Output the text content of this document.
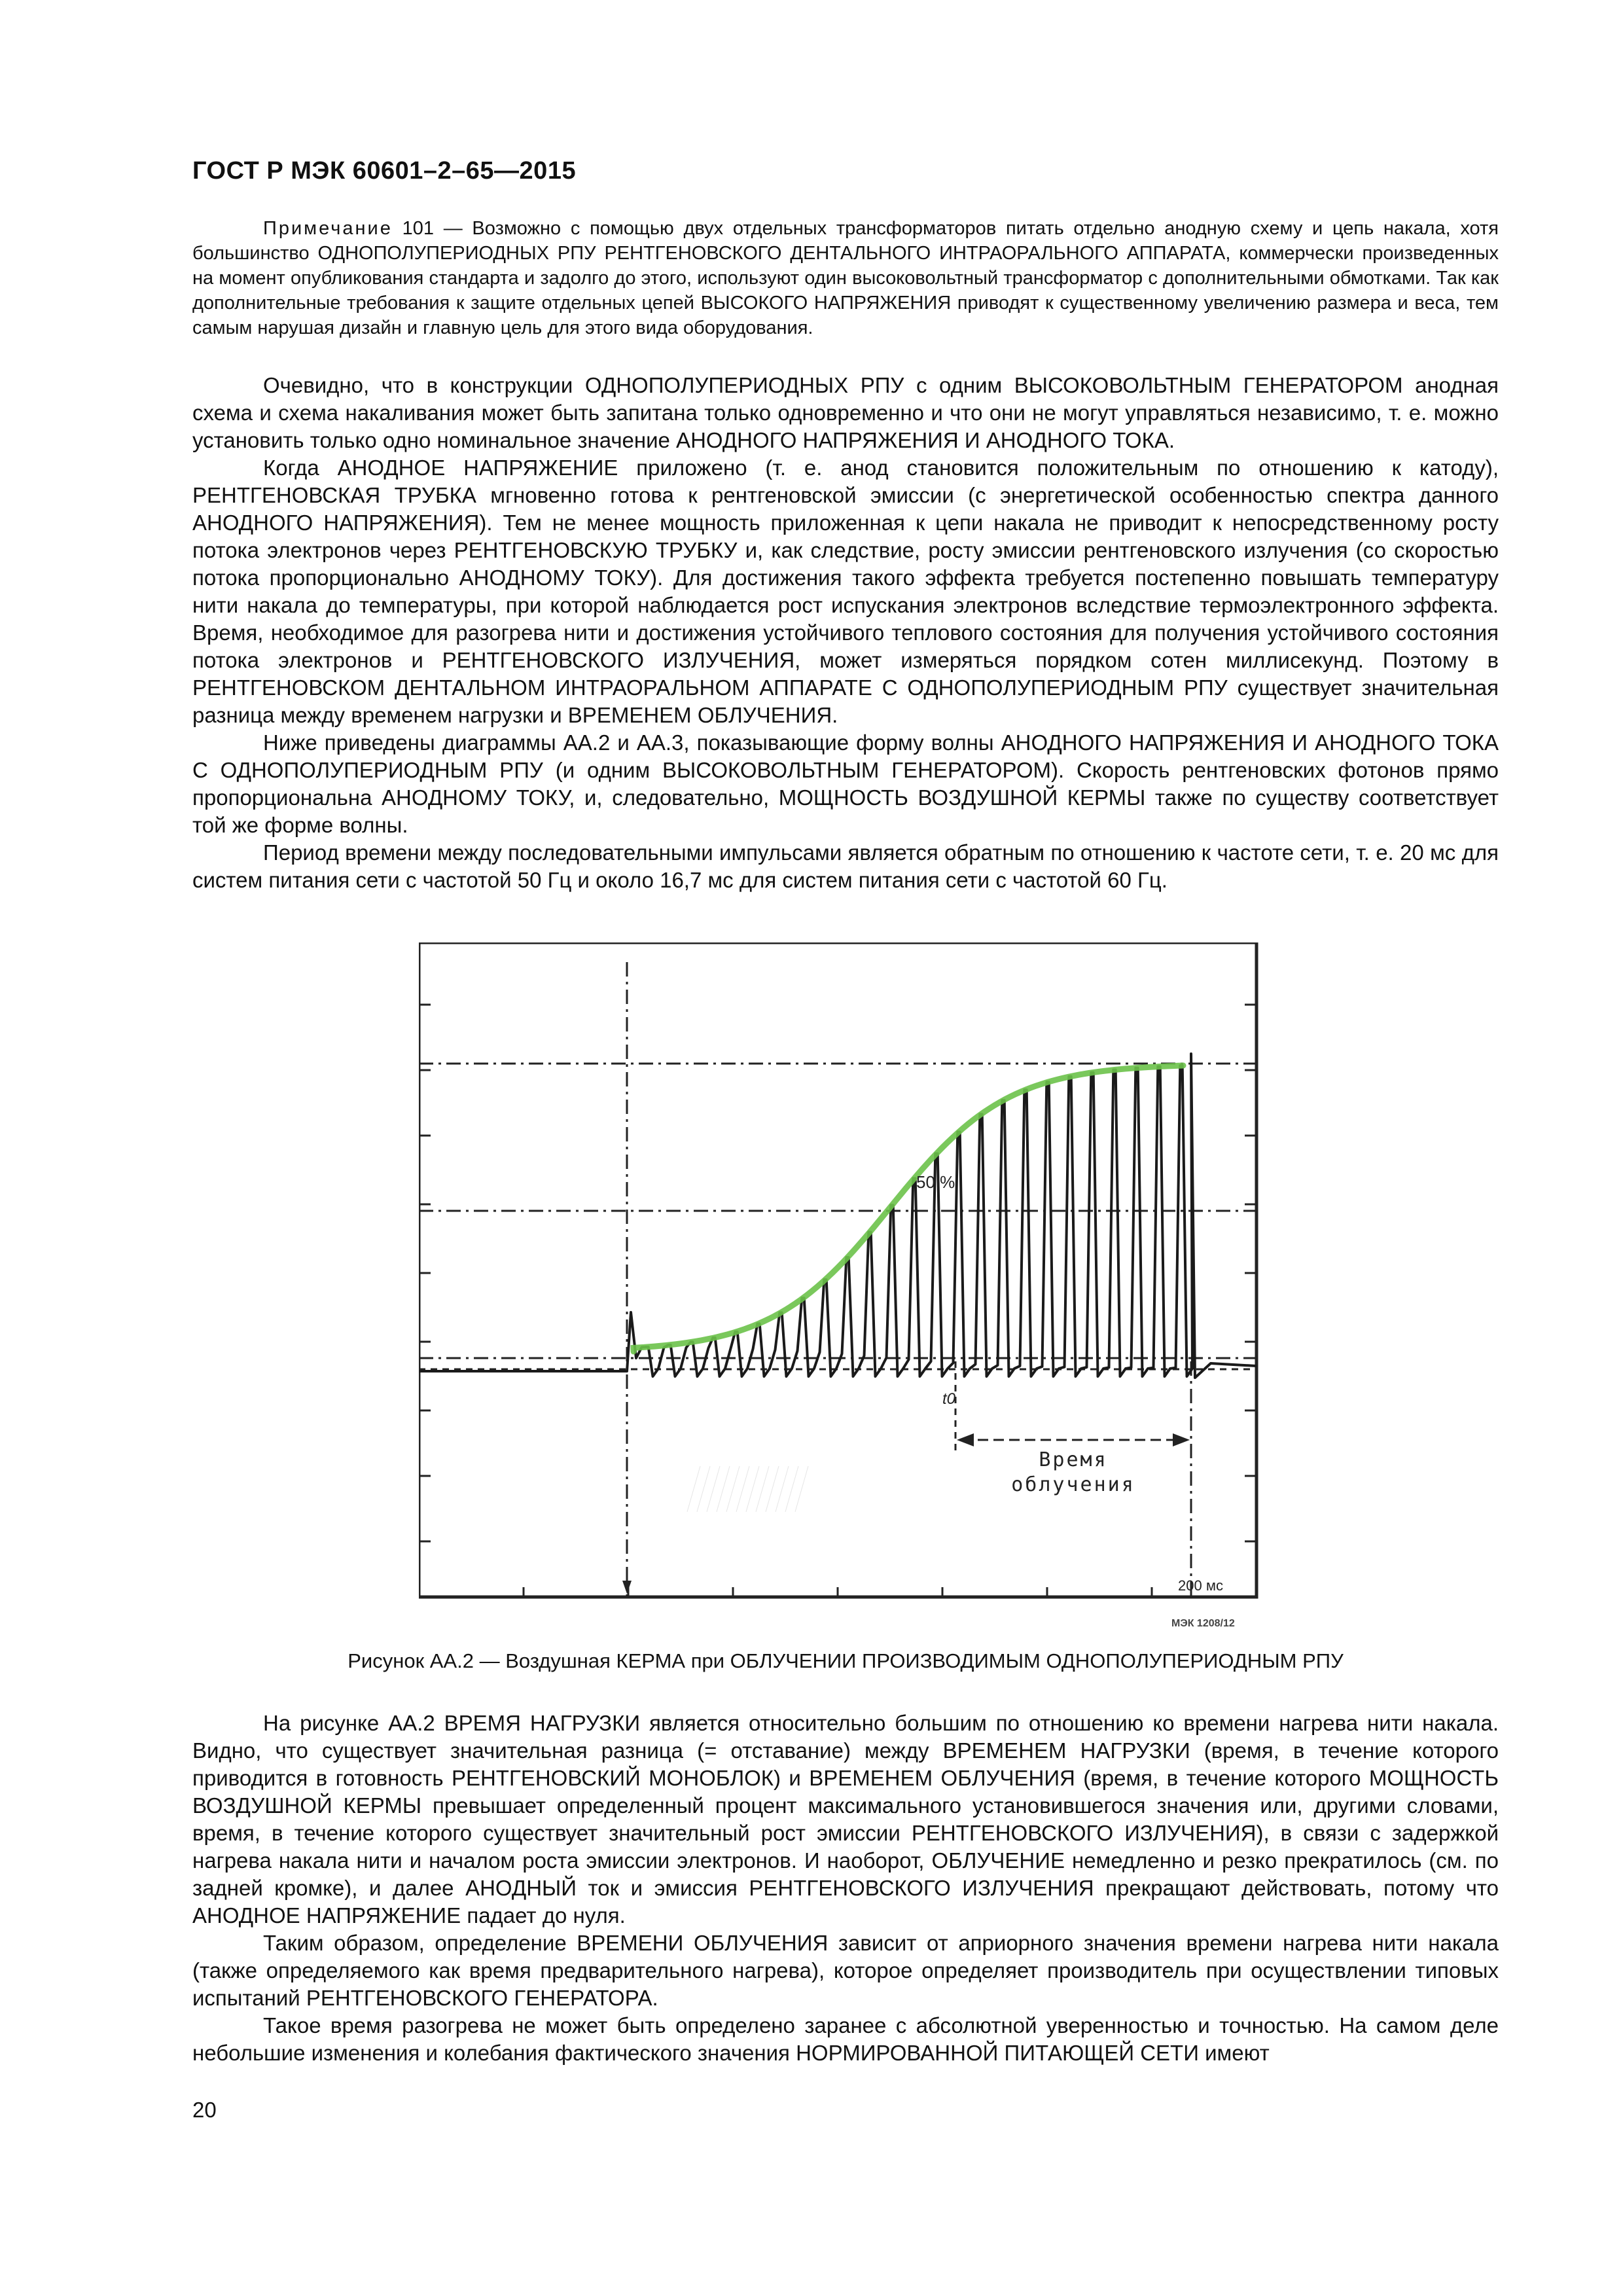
ГОСТ Р МЭК 60601–2–65—2015

Примечание 101 — Возможно с помощью двух отдельных трансформаторов питать отдельно анодную схему и цепь накала, хотя большинство ОДНОПОЛУПЕРИОДНЫХ РПУ РЕНТГЕНОВСКОГО ДЕНТАЛЬНОГО ИНТРАОРАЛЬНОГО АППАРАТА, коммерчески произведенных на момент опубликования стандарта и задолго до этого, используют один высоковольтный трансформатор с дополнительными обмотками. Так как дополнительные требования к защите отдельных цепей ВЫСОКОГО НАПРЯЖЕНИЯ приводят к существенному увеличению размера и веса, тем самым нарушая дизайн и главную цель для этого вида оборудования.

Очевидно, что в конструкции ОДНОПОЛУПЕРИОДНЫХ РПУ с одним ВЫСОКОВОЛЬТНЫМ ГЕНЕРАТОРОМ анодная схема и схема накаливания может быть запитана только одновременно и что они не могут управляться независимо, т. е. можно установить только одно номинальное значение АНОДНОГО НАПРЯЖЕНИЯ И АНОДНОГО ТОКА.

Когда АНОДНОЕ НАПРЯЖЕНИЕ приложено (т. е. анод становится положительным по отношению к катоду), РЕНТГЕНОВСКАЯ ТРУБКА мгновенно готова к рентгеновской эмиссии (с энергетической особенностью спектра данного АНОДНОГО НАПРЯЖЕНИЯ). Тем не менее мощность приложенная к цепи накала не приводит к непосредственному росту потока электронов через РЕНТГЕНОВСКУЮ ТРУБКУ и, как следствие, росту эмиссии рентгеновского излучения (со скоростью потока пропорционально АНОДНОМУ ТОКУ). Для достижения такого эффекта требуется постепенно повышать температуру нити накала до температуры, при которой наблюдается рост испускания электронов вследствие термоэлектронного эффекта. Время, необходимое для разогрева нити и достижения устойчивого теплового состояния для получения устойчивого состояния потока электронов и РЕНТГЕНОВСКОГО ИЗЛУЧЕНИЯ, может измеряться порядком сотен миллисекунд. Поэтому в РЕНТГЕНОВСКОМ ДЕНТАЛЬНОМ ИНТРАОРАЛЬНОМ АППАРАТЕ С ОДНОПОЛУПЕРИОДНЫМ РПУ существует значительная разница между временем нагрузки и ВРЕМЕНЕМ ОБЛУЧЕНИЯ.

Ниже приведены диаграммы АА.2 и АА.3, показывающие форму волны АНОДНОГО НАПРЯЖЕНИЯ И АНОДНОГО ТОКА С ОДНОПОЛУПЕРИОДНЫМ РПУ (и одним ВЫСОКОВОЛЬТНЫМ ГЕНЕРАТОРОМ). Скорость рентгеновских фотонов прямо пропорциональна АНОДНОМУ ТОКУ, и, следовательно, МОЩНОСТЬ ВОЗДУШНОЙ КЕРМЫ также по существу соответствует той же форме волны.

Период времени между последовательными импульсами является обратным по отношению к частоте сети, т. е. 20 мс для систем питания сети с частотой 50 Гц и около 16,7 мс для систем питания сети с частотой 60 Гц.

50 %
t0
Время
облучения
200 мс
МЭК 1208/12
Рисунок АА.2 — Воздушная КЕРМА при ОБЛУЧЕНИИ ПРОИЗВОДИМЫМ ОДНОПОЛУПЕРИОДНЫМ РПУ

На рисунке АА.2 ВРЕМЯ НАГРУЗКИ является относительно большим по отношению ко времени нагрева нити накала. Видно, что существует значительная разница (= отставание) между ВРЕМЕНЕМ НАГРУЗКИ (время, в течение которого приводится в готовность РЕНТГЕНОВСКИЙ МОНОБЛОК) и ВРЕМЕНЕМ ОБЛУЧЕНИЯ (время, в течение которого МОЩНОСТЬ ВОЗДУШНОЙ КЕРМЫ превышает определенный процент максимального установившегося значения или, другими словами, время, в течение которого существует значительный рост эмиссии РЕНТГЕНОВСКОГО ИЗЛУЧЕНИЯ), в связи с задержкой нагрева накала нити и началом роста эмиссии электронов. И наоборот, ОБЛУЧЕНИЕ немедленно и резко прекратилось (см. по задней кромке), и далее АНОДНЫЙ ток и эмиссия РЕНТГЕНОВСКОГО ИЗЛУЧЕНИЯ прекращают действовать, потому что АНОДНОЕ НАПРЯЖЕНИЕ падает до нуля.

Таким образом, определение ВРЕМЕНИ ОБЛУЧЕНИЯ зависит от априорного значения времени нагрева нити накала (также определяемого как время предварительного нагрева), которое определяет производитель при осуществлении типовых испытаний РЕНТГЕНОВСКОГО ГЕНЕРАТОРА.

Такое время разогрева не может быть определено заранее с абсолютной уверенностью и точностью. На самом деле небольшие изменения и колебания фактического значения НОРМИРОВАННОЙ ПИТАЮЩЕЙ СЕТИ имеют

20
